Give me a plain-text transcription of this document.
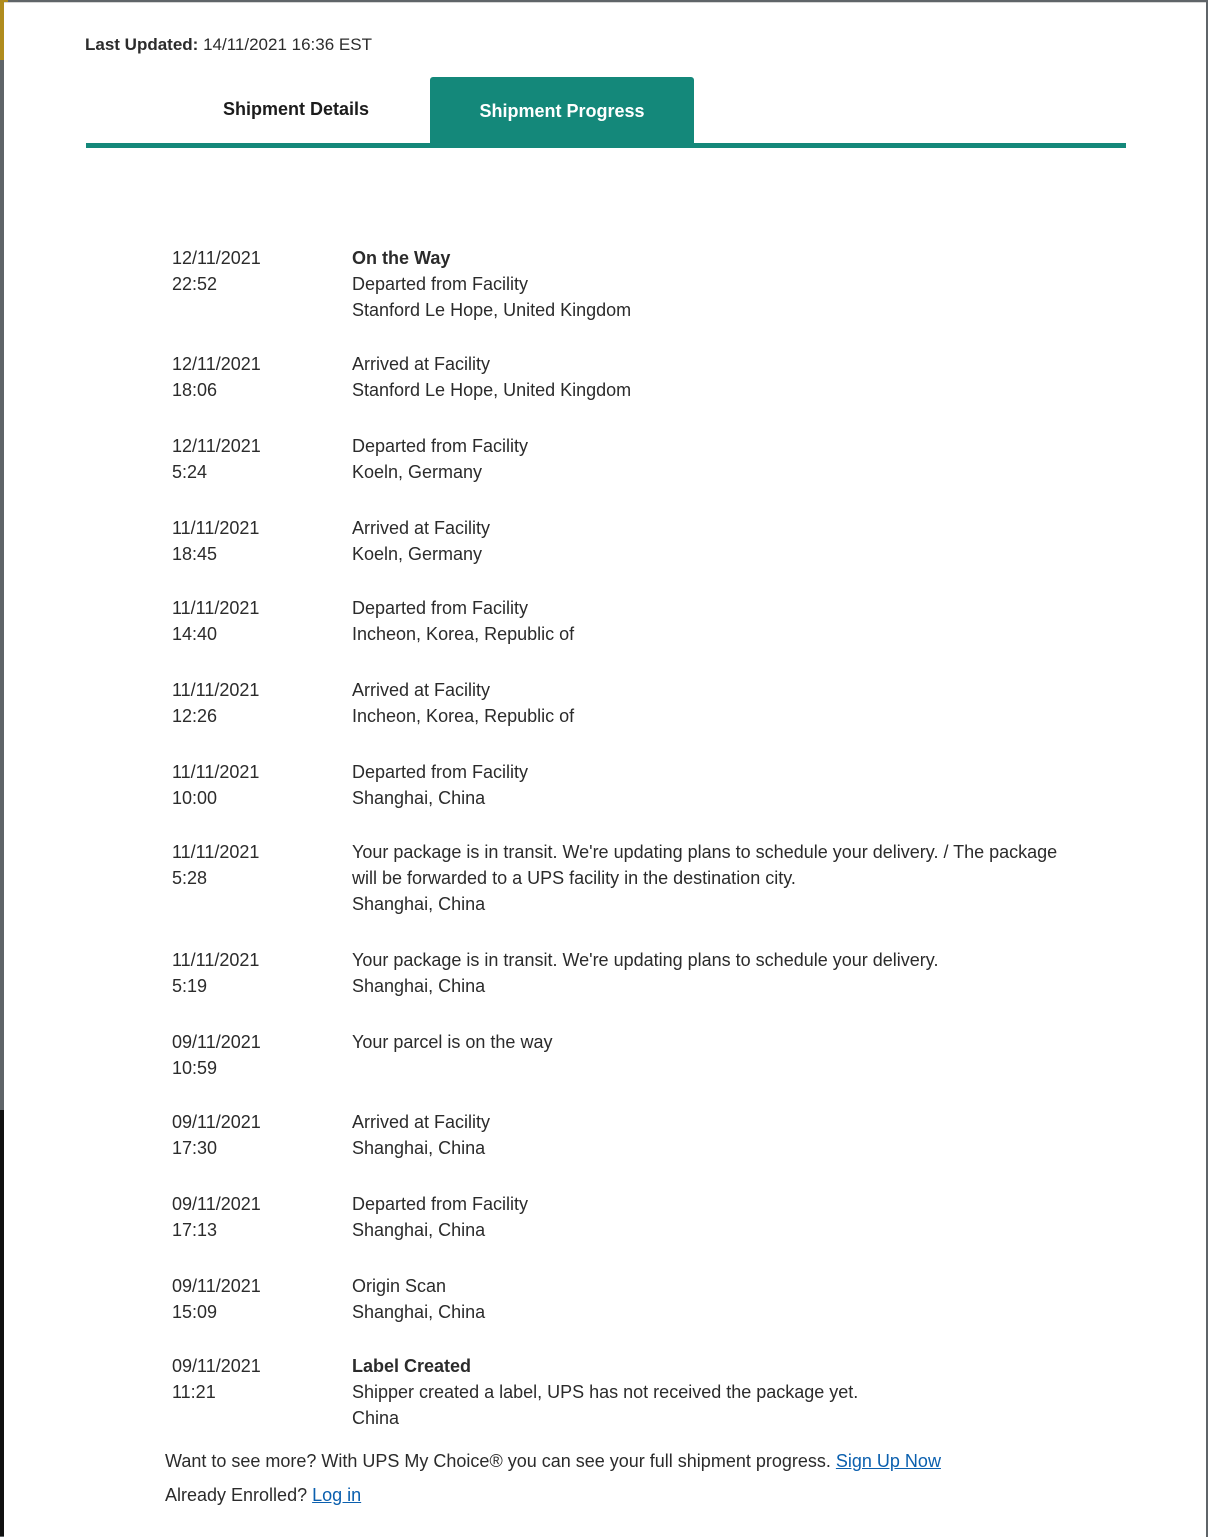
Last Updated: 14/11/2021 16:36 EST
Shipment Details	Shipment Progress
12/11/2021
22:52
On the Way
Departed from Facility
Stanford Le Hope, United Kingdom
12/11/2021
18:06
Arrived at Facility
Stanford Le Hope, United Kingdom
12/11/2021
5:24
Departed from Facility
Koeln, Germany
11/11/2021
18:45
Arrived at Facility
Koeln, Germany
11/11/2021
14:40
Departed from Facility
Incheon, Korea, Republic of
11/11/2021
12:26
Arrived at Facility
Incheon, Korea, Republic of
11/11/2021
10:00
Departed from Facility
Shanghai, China
11/11/2021
5:28
Your package is in transit. We're updating plans to schedule your delivery. / The package will be forwarded to a UPS facility in the destination city.
Shanghai, China
11/11/2021
5:19
Your package is in transit. We're updating plans to schedule your delivery.
Shanghai, China
09/11/2021
10:59
Your parcel is on the way
09/11/2021
17:30
Arrived at Facility
Shanghai, China
09/11/2021
17:13
Departed from Facility
Shanghai, China
09/11/2021
15:09
Origin Scan
Shanghai, China
09/11/2021
11:21
Label Created
Shipper created a label, UPS has not received the package yet.
China
Want to see more? With UPS My Choice® you can see your full shipment progress. Sign Up Now
Already Enrolled? Log in
